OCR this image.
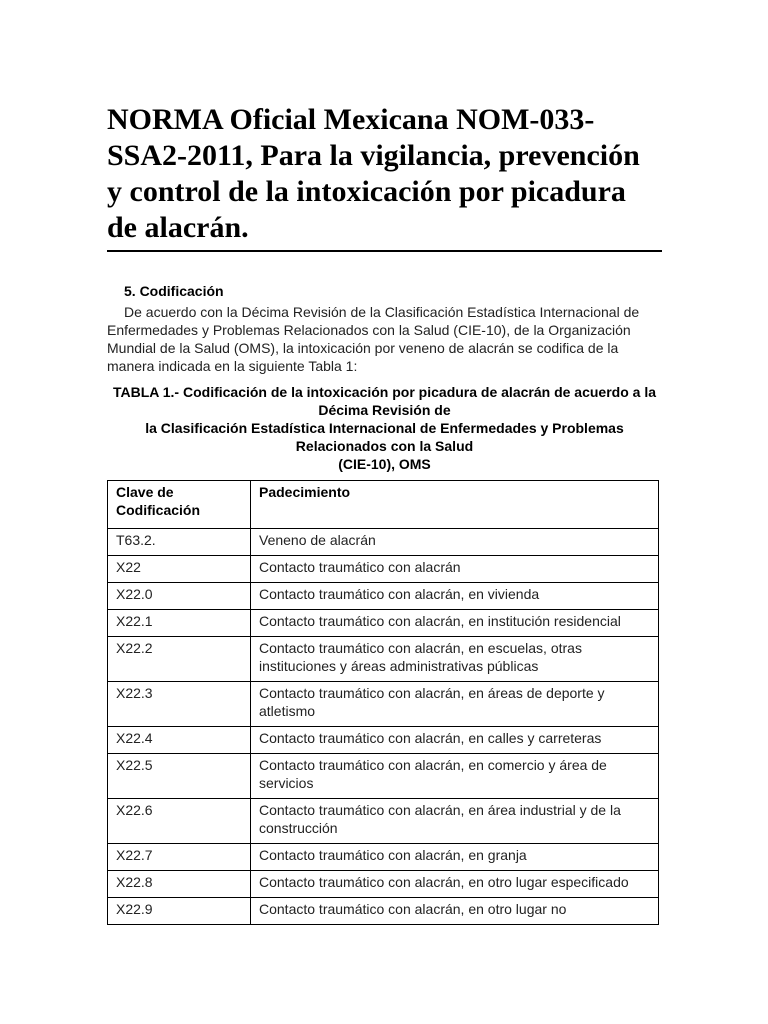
NORMA Oficial Mexicana NOM-033-SSA2-2011, Para la vigilancia, prevención y control de la intoxicación por picadura de alacrán.
5. Codificación

De acuerdo con la Décima Revisión de la Clasificación Estadística Internacional de Enfermedades y Problemas Relacionados con la Salud (CIE-10), de la Organización Mundial de la Salud (OMS), la intoxicación por veneno de alacrán se codifica de la manera indicada en la siguiente Tabla 1:

TABLA 1.- Codificación de la intoxicación por picadura de alacrán de acuerdo a la Décima Revisión de
la Clasificación Estadística Internacional de Enfermedades y Problemas Relacionados con la Salud
(CIE-10), OMS
Clave de Codificación	Padecimiento
T63.2.	Veneno de alacrán
X22	Contacto traumático con alacrán
X22.0	Contacto traumático con alacrán, en vivienda
X22.1	Contacto traumático con alacrán, en institución residencial
X22.2	Contacto traumático con alacrán, en escuelas, otras instituciones y áreas administrativas públicas
X22.3	Contacto traumático con alacrán, en áreas de deporte y atletismo
X22.4	Contacto traumático con alacrán, en calles y carreteras
X22.5	Contacto traumático con alacrán, en comercio y área de servicios
X22.6	Contacto traumático con alacrán, en área industrial y de la construcción
X22.7	Contacto traumático con alacrán, en granja
X22.8	Contacto traumático con alacrán, en otro lugar especificado
X22.9	Contacto traumático con alacrán, en otro lugar no
